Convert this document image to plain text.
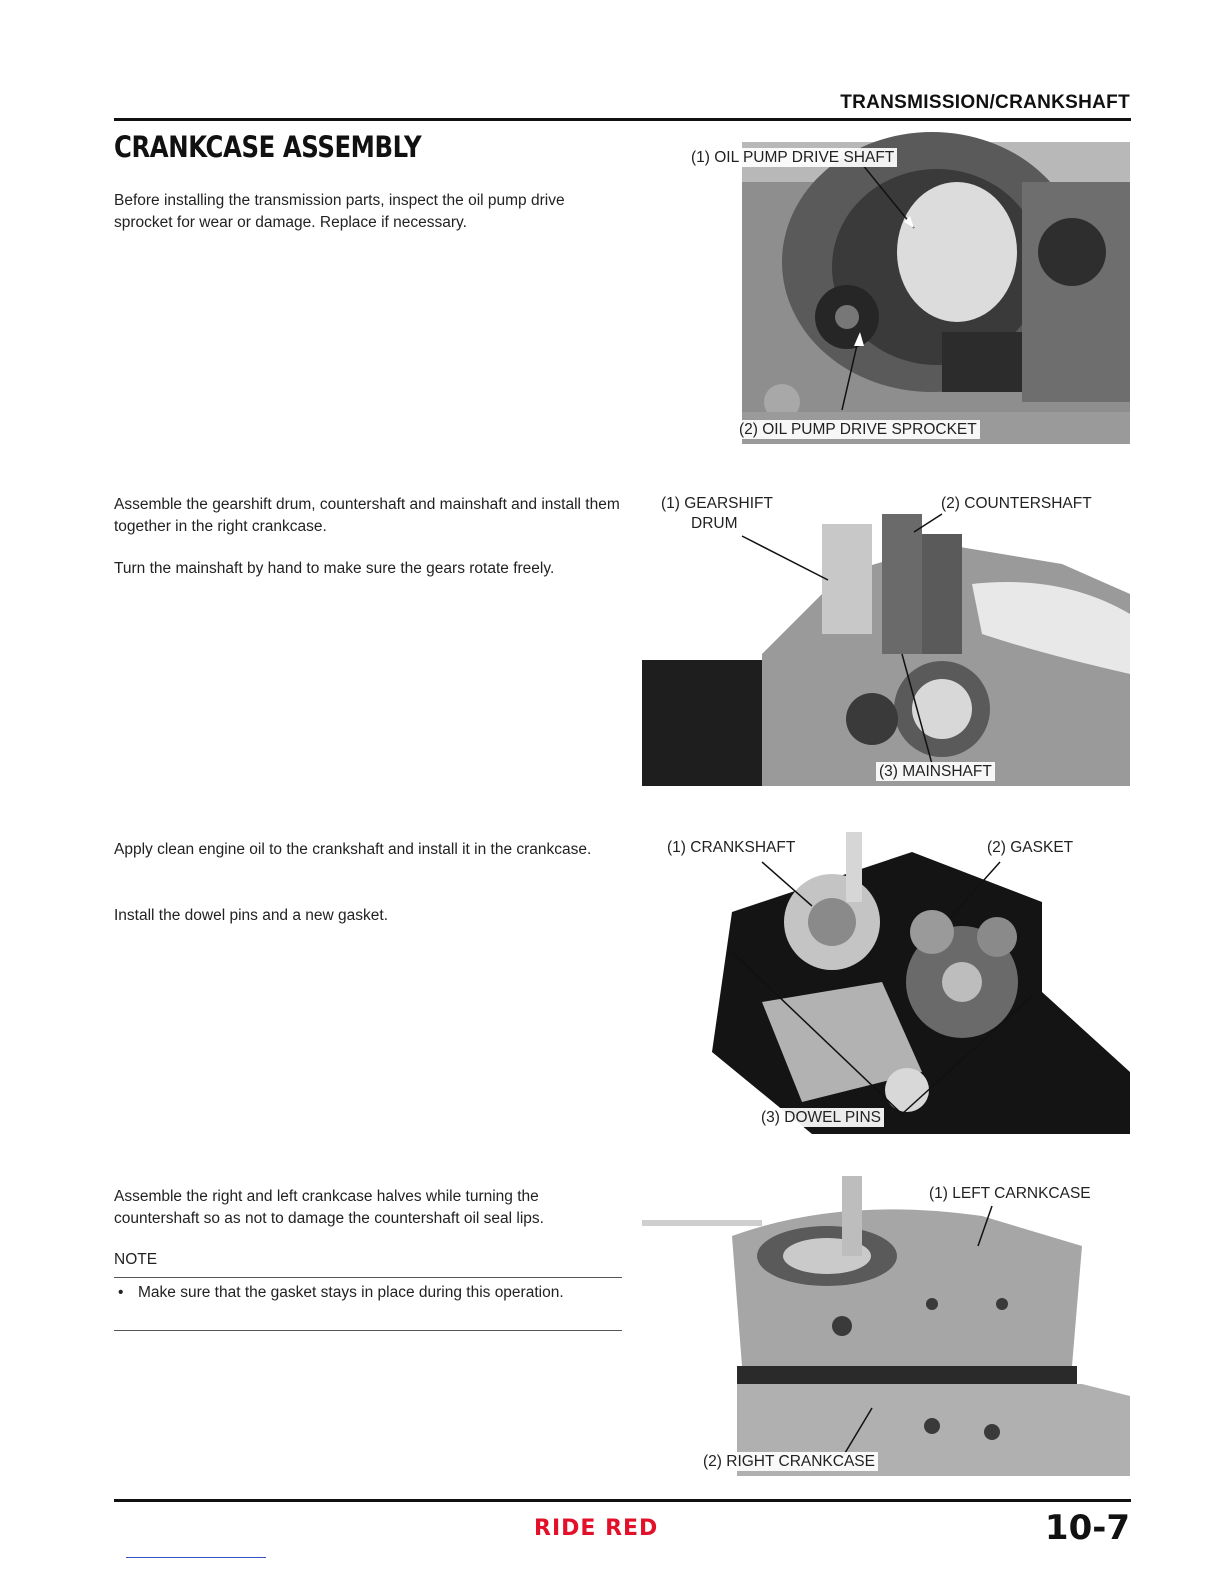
TRANSMISSION/CRANKSHAFT
CRANKCASE ASSEMBLY
Before installing the transmission parts, inspect the oil pump drive sprocket for wear or damage. Replace if necessary.
(1) OIL PUMP DRIVE SHAFT
(2) OIL PUMP DRIVE SPROCKET
Assemble the gearshift drum, countershaft and mainshaft and install them together in the right crankcase.
Turn the mainshaft by hand to make sure the gears rotate freely.
(1) GEARSHIFT
DRUM
(2) COUNTERSHAFT
(3) MAINSHAFT
Apply clean engine oil to the crankshaft and install it in the crankcase.
Install the dowel pins and a new gasket.
(1) CRANKSHAFT	(2) GASKET
(3) DOWEL PINS
Assemble the right and left crankcase halves while turning the countershaft so as not to damage the countershaft oil seal lips.
NOTE
• Make sure that the gasket stays in place during this operation.
(1) LEFT CARNKCASE
(2) RIGHT CRANKCASE
RIDE RED	10-7
